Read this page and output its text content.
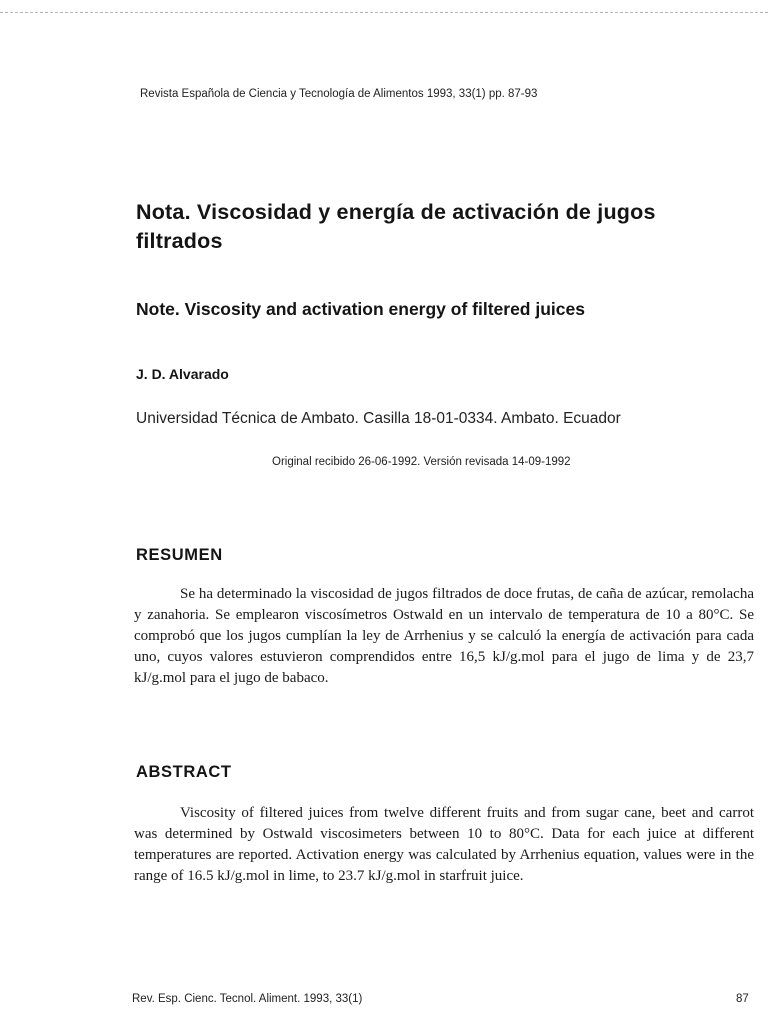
Revista Española de Ciencia y Tecnología de Alimentos 1993, 33(1) pp. 87-93
Nota. Viscosidad y energía de activación de jugos filtrados
Note. Viscosity and activation energy of filtered juices
J. D. Alvarado
Universidad Técnica de Ambato. Casilla 18-01-0334. Ambato. Ecuador
Original recibido 26-06-1992. Versión revisada 14-09-1992
RESUMEN

Se ha determinado la viscosidad de jugos filtrados de doce frutas, de caña de azúcar, remolacha y zanahoria. Se emplearon viscosímetros Ostwald en un intervalo de temperatura de 10 a 80°C. Se comprobó que los jugos cumplían la ley de Arrhenius y se calculó la energía de activación para cada uno, cuyos valores estuvieron comprendidos entre 16,5 kJ/g.mol para el jugo de lima y de 23,7 kJ/g.mol para el jugo de babaco.

ABSTRACT

Viscosity of filtered juices from twelve different fruits and from sugar cane, beet and carrot was determined by Ostwald viscosimeters between 10 to 80°C. Data for each juice at different temperatures are reported. Activation energy was calculated by Arrhenius equation, values were in the range of 16.5 kJ/g.mol in lime, to 23.7 kJ/g.mol in starfruit juice.

Rev. Esp. Cienc. Tecnol. Aliment. 1993, 33(1)	87
